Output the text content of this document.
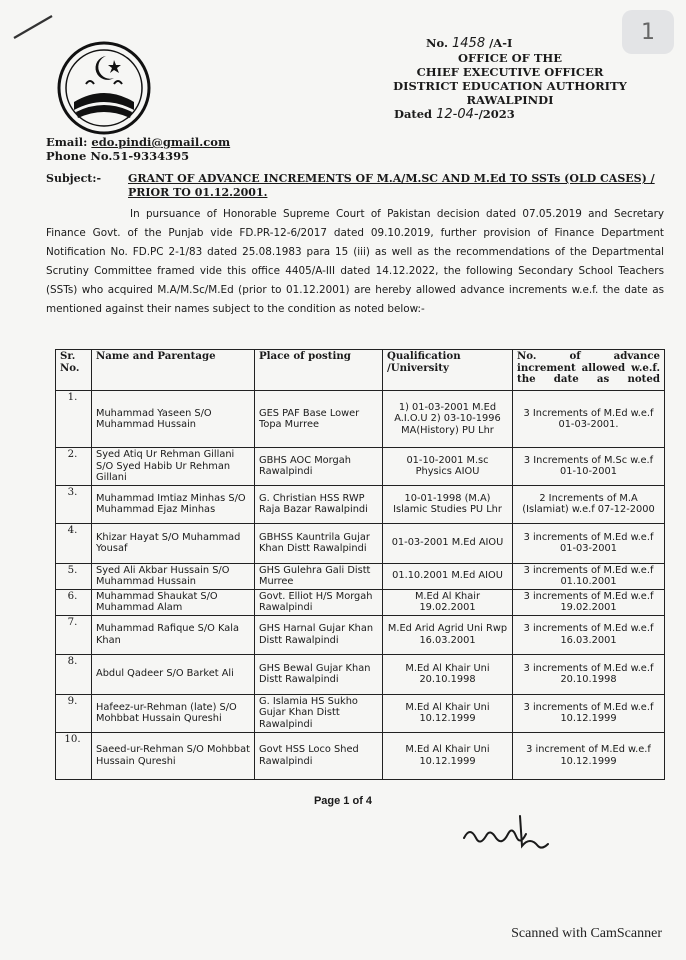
1
No. 1458 /A-I
OFFICE OF THE
CHIEF EXECUTIVE OFFICER
DISTRICT EDUCATION AUTHORITY
RAWALPINDI
Dated 12-04-/2023
Email: edo.pindi@gmail.com
Phone No.51-9334395
Subject:- GRANT OF ADVANCE INCREMENTS OF M.A/M.SC AND M.Ed TO SSTs (OLD CASES) / PRIOR TO 01.12.2001.
In pursuance of Honorable Supreme Court of Pakistan decision dated 07.05.2019 and Secretary Finance Govt. of the Punjab vide FD.PR-12-6/2017 dated 09.10.2019, further provision of Finance Department Notification No. FD.PC 2-1/83 dated 25.08.1983 para 15 (iii) as well as the recommendations of the Departmental Scrutiny Committee framed vide this office 4405/A-III dated 14.12.2022, the following Secondary School Teachers (SSTs) who acquired M.A/M.Sc/M.Ed (prior to 01.12.2001) are hereby allowed advance increments w.e.f. the date as mentioned against their names subject to the condition as noted below:-
Sr. No.	Name and Parentage	Place of posting	Qualification /University	No. of advance increment allowed w.e.f. the date as noted
1.	Muhammad Yaseen S/O Muhammad Hussain	GES PAF Base Lower Topa Murree	1) 01-03-2001 M.Ed A.I.O.U 2) 03-10-1996 MA(History) PU Lhr	3 Increments of M.Ed w.e.f 01-03-2001.
2.	Syed Atiq Ur Rehman Gillani S/O Syed Habib Ur Rehman Gillani	GBHS AOC Morgah Rawalpindi	01-10-2001 M.sc Physics AIOU	3 Increments of M.Sc w.e.f 01-10-2001
3.	Muhammad Imtiaz Minhas S/O Muhammad Ejaz Minhas	G. Christian HSS RWP Raja Bazar Rawalpindi	10-01-1998 (M.A) Islamic Studies PU Lhr	2 Increments of M.A (Islamiat) w.e.f 07-12-2000
4.	Khizar Hayat S/O Muhammad Yousaf	GBHSS Kauntrila Gujar Khan Distt Rawalpindi	01-03-2001 M.Ed AIOU	3 increments of M.Ed w.e.f 01-03-2001
5.	Syed Ali Akbar Hussain S/O Muhammad Hussain	GHS Gulehra Gali Distt Murree	01.10.2001 M.Ed AIOU	3 increments of M.Ed w.e.f 01.10.2001
6.	Muhammad Shaukat S/O Muhammad Alam	Govt. Elliot H/S Morgah Rawalpindi	M.Ed Al Khair 19.02.2001	3 increments of M.Ed w.e.f 19.02.2001
7.	Muhammad Rafique S/O Kala Khan	GHS Harnal Gujar Khan Distt Rawalpindi	M.Ed Arid Agrid Uni Rwp 16.03.2001	3 increments of M.Ed w.e.f 16.03.2001
8.	Abdul Qadeer S/O Barket Ali	GHS Bewal Gujar Khan Distt Rawalpindi	M.Ed Al Khair Uni 20.10.1998	3 increments of M.Ed w.e.f 20.10.1998
9.	Hafeez-ur-Rehman (late) S/O Mohbbat Hussain Qureshi	G. Islamia HS Sukho Gujar Khan Distt Rawalpindi	M.Ed Al Khair Uni 10.12.1999	3 increments of M.Ed w.e.f 10.12.1999
10.	Saeed-ur-Rehman S/O Mohbbat Hussain Qureshi	Govt HSS Loco Shed Rawalpindi	M.Ed Al Khair Uni 10.12.1999	3 increment of M.Ed w.e.f 10.12.1999
Page 1 of 4
Scanned with CamScanner
